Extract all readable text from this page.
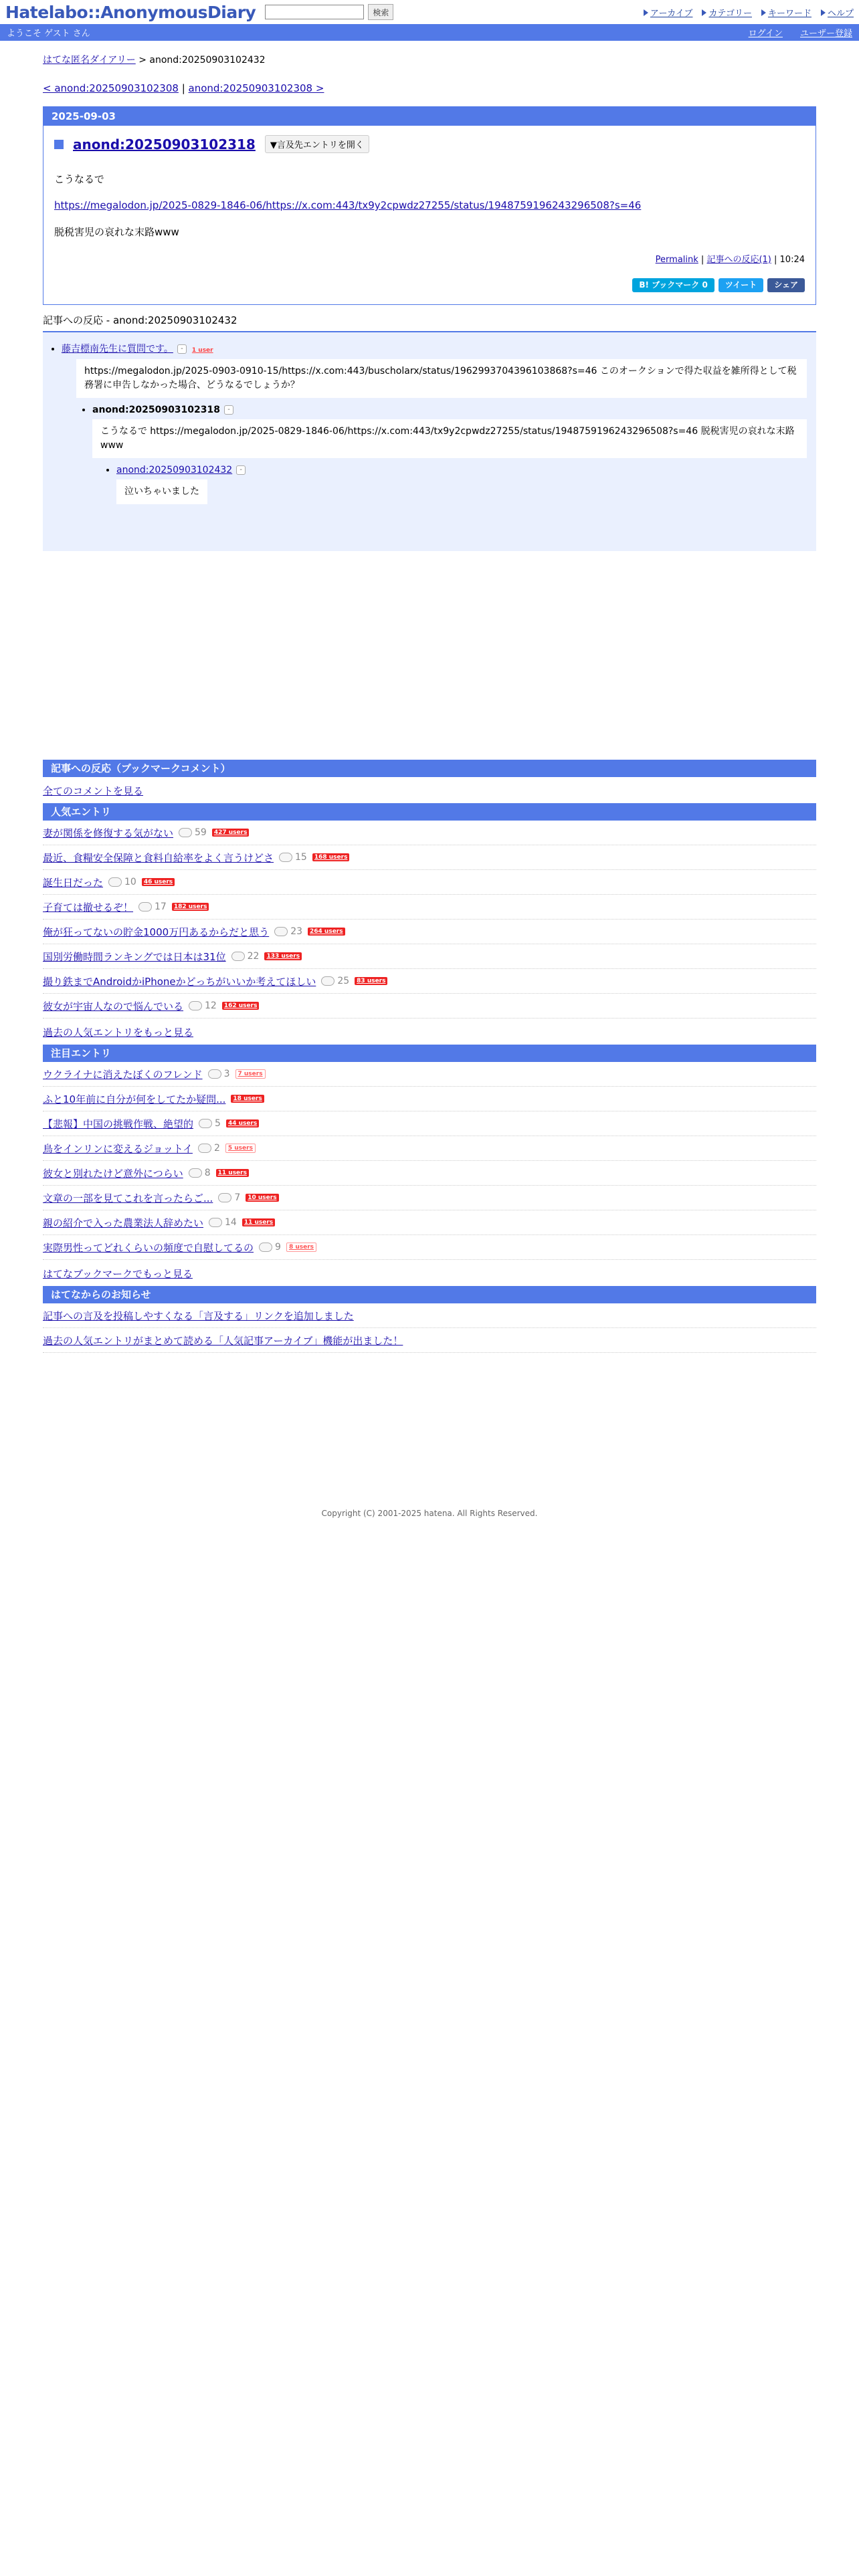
Hatelabo::AnonymousDiary	検索	アーカイブ	カテゴリー	キーワード	ヘルプ
ようこそ ゲスト さん	ログイン ユーザー登録
はてな匿名ダイアリー > anond:20250903102432
< anond:20250903102308 | anond:20250903102308 >
2025-09-03
anond:20250903102318	▼言及先エントリを開く

こうなるで

https://megalodon.jp/2025-0829-1846-06/https://x.com:443/tx9y2cpwdz27255/status/1948759196243296508?s=46

脱税害児の哀れな末路www

Permalink | 記事への反応(1) | 10:24
B! ブックマーク 0	ツイート	シェア
記事への反応 - anond:20250903102432
• 藤吉標南先生に質問です。 - 1 user
https://megalodon.jp/2025-0903-0910-15/https://x.com:443/buscholarx/status/1962993704396103868?s=46 このオークションで得た収益を雑所得として税務署に申告しなかった場合、どうなるでしょうか？
• anond:20250903102318 -
こうなるで https://megalodon.jp/2025-0829-1846-06/https://x.com:443/tx9y2cpwdz27255/status/1948759196243296508?s=46 脱税害児の哀れな末路www
• anond:20250903102432 -
泣いちゃいました
記事への反応（ブックマークコメント）
全てのコメントを見る
人気エントリ
妻が関係を修復する気がない 59	427 users
最近、食糧安全保障と食料自給率をよく言うけどさ 15	168 users
誕生日だった 10	46 users
子育ては撤せるぞ！ 17	182 users
俺が狂ってないの貯金1000万円あるからだと思う 23	264 users
国別労働時間ランキングでは日本は31位 22	133 users
撮り鉄までAndroidかiPhoneかどっちがいいか考えてほしい 25	83 users
彼女が宇宙人なので悩んでいる 12	162 users
過去の人気エントリをもっと見る
注目エントリ
ウクライナに消えたぼくのフレンド 3	7 users
ふと10年前に自分が何をしてたか疑問...	18 users
【悲報】中国の挑戦作戦、絶望的 5	44 users
鳥をインリンに変えるジョットイ 2	5 users
彼女と別れたけど意外につらい 8	11 users
文章の一部を見てこれを言ったらご... 7	10 users
親の紹介で入った農業法人辞めたい 14	11 users
実際男性ってどれくらいの頻度で自慰してるの 9	8 users
はてなブックマークでもっと見る
はてなからのお知らせ
記事への言及を投稿しやすくなる「言及する」リンクを追加しました
過去の人気エントリがまとめて読める「人気記事アーカイブ」機能が出ました！
Copyright (C) 2001-2025 hatena. All Rights Reserved.
